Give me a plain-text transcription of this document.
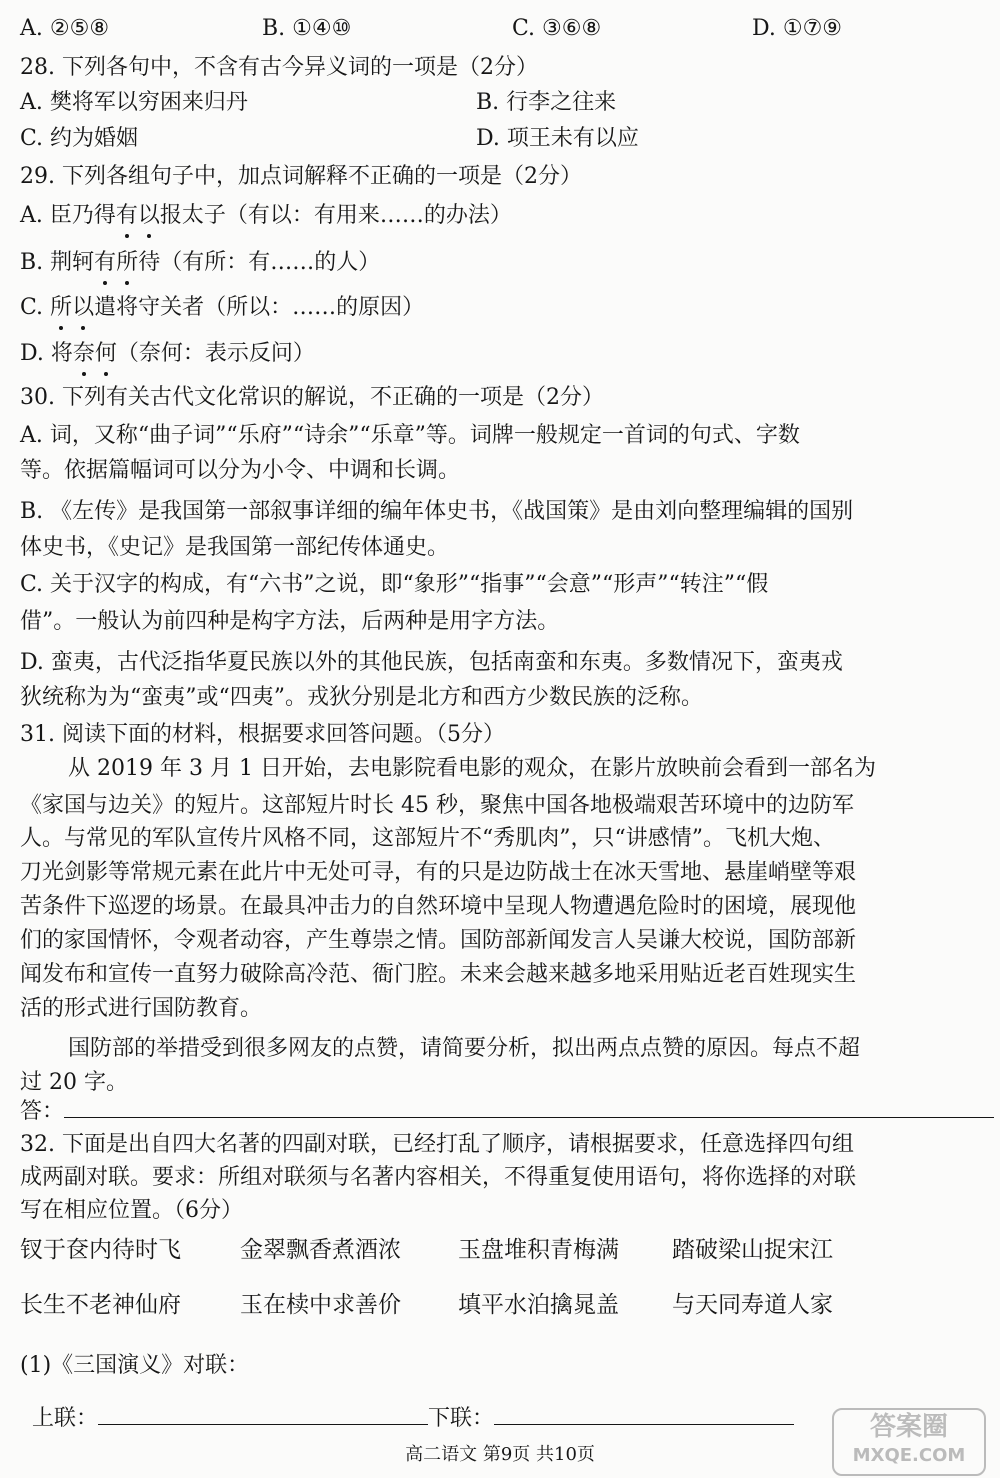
A. ②⑤⑧	B. ①④⑩	C. ③⑥⑧	D. ①⑦⑨
28. 下列各句中，不含有古今异义词的一项是（2分）
A. 樊将军以穷困来归丹	B. 行李之往来
C. 约为婚姻	D. 项王未有以应
29. 下列各组句子中，加点词解释不正确的一项是（2分）
A. 臣乃得有以报太子（有以：有用来……的办法）
B. 荆轲有所待（有所：有……的人）
C. 所以遣将守关者（所以：……的原因）
D. 将奈何（奈何：表示反问）
30. 下列有关古代文化常识的解说，不正确的一项是（2分）
A. 词，又称“曲子词”“乐府”“诗余”“乐章”等。词牌一般规定一首词的句式、字数
等。依据篇幅词可以分为小令、中调和长调。
B. 《左传》是我国第一部叙事详细的编年体史书，《战国策》是由刘向整理编辑的国别
体史书，《史记》是我国第一部纪传体通史。
C. 关于汉字的构成，有“六书”之说，即“象形”“指事”“会意”“形声”“转注”“假
借”。一般认为前四种是构字方法，后两种是用字方法。
D. 蛮夷，古代泛指华夏民族以外的其他民族，包括南蛮和东夷。多数情况下，蛮夷戎
狄统称为为“蛮夷”或“四夷”。戎狄分别是北方和西方少数民族的泛称。
31. 阅读下面的材料，根据要求回答问题。（5分）
从 2019 年 3 月 1 日开始，去电影院看电影的观众，在影片放映前会看到一部名为
《家国与边关》的短片。这部短片时长 45 秒，聚焦中国各地极端艰苦环境中的边防军
人。与常见的军队宣传片风格不同，这部短片不“秀肌肉”，只“讲感情”。飞机大炮、
刀光剑影等常规元素在此片中无处可寻，有的只是边防战士在冰天雪地、悬崖峭壁等艰
苦条件下巡逻的场景。在最具冲击力的自然环境中呈现人物遭遇危险时的困境，展现他
们的家国情怀，令观者动容，产生尊崇之情。国防部新闻发言人吴谦大校说，国防部新
闻发布和宣传一直努力破除高冷范、衙门腔。未来会越来越多地采用贴近老百姓现实生
活的形式进行国防教育。
国防部的举措受到很多网友的点赞，请简要分析，拟出两点点赞的原因。每点不超
过 20 字。
答：
32. 下面是出自四大名著的四副对联，已经打乱了顺序，请根据要求，任意选择四句组
成两副对联。要求：所组对联须与名著内容相关，不得重复使用语句，将你选择的对联
写在相应位置。（6分）
钗于奁内待时飞	金翠飘香煮酒浓 玉盘堆积青梅满 踏破梁山捉宋江
长生不老神仙府	玉在椟中求善价 填平水泊擒晁盖 与天同寿道人家
(1)《三国演义》对联：
上联：	下联：
高二语文 第9页 共10页
答案圈
MXQE.COM
